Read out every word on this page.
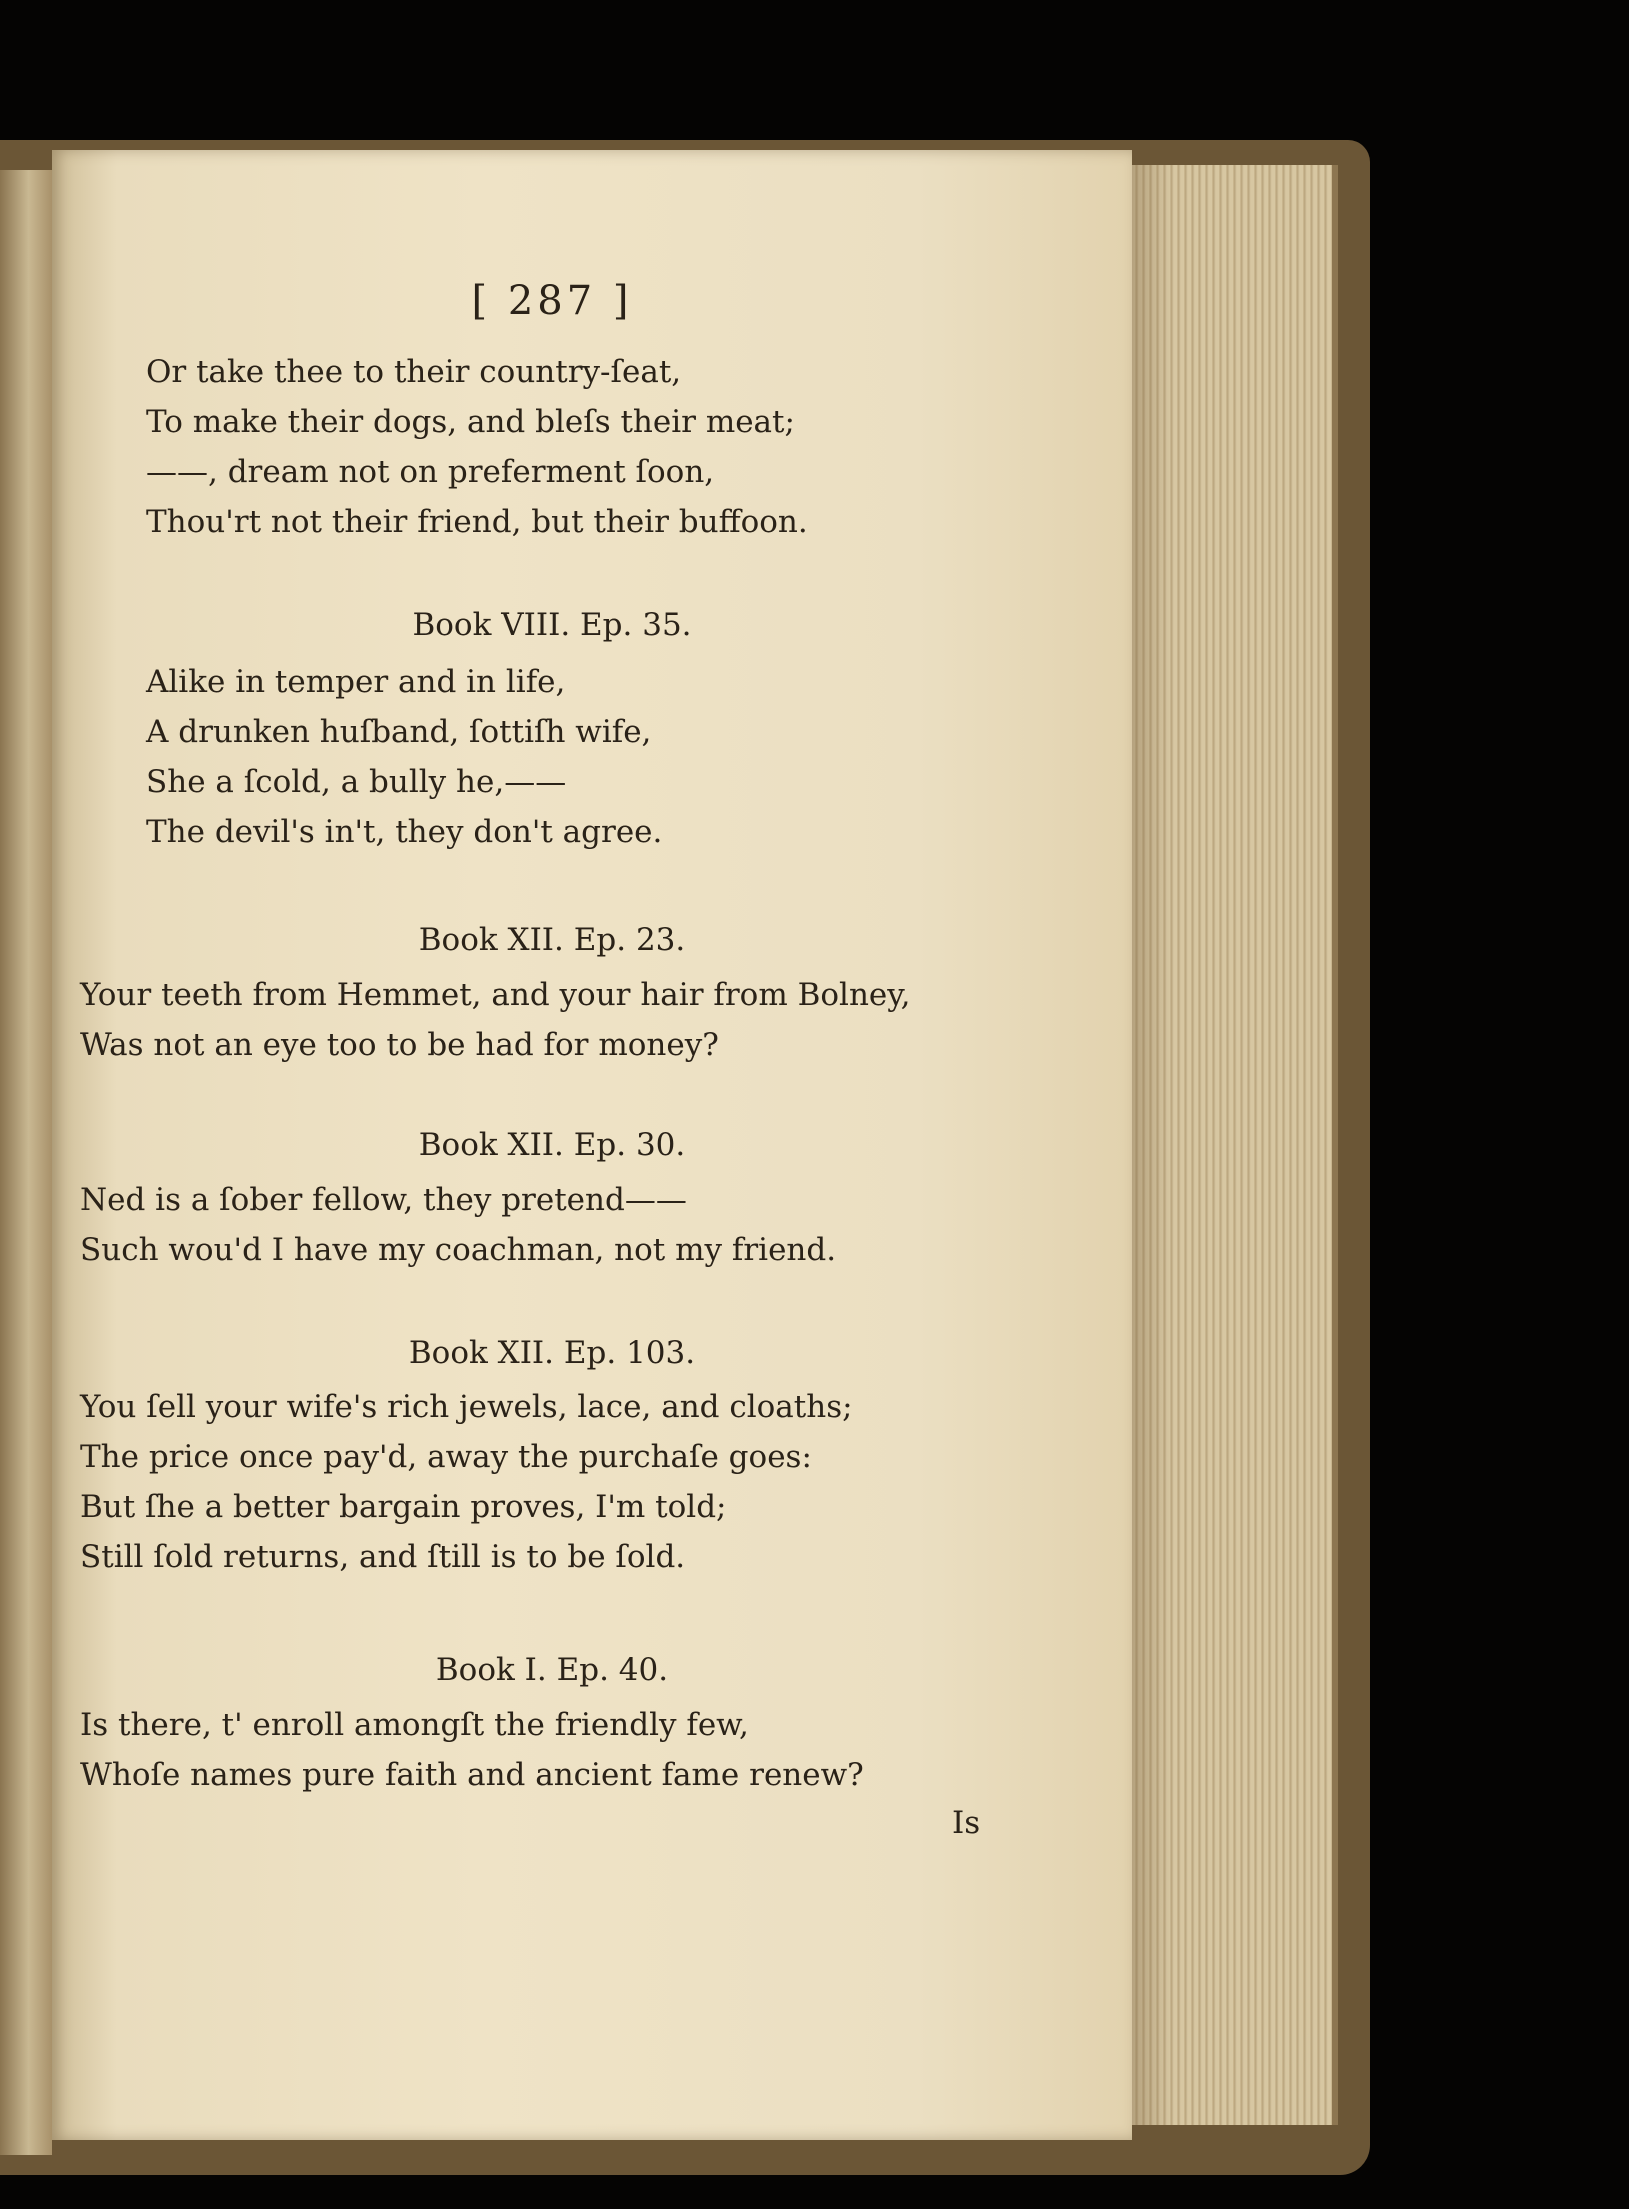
[ 287 ]
Or take thee to their country-ſeat,
To make their dogs, and bleſs their meat;
——, dream not on preferment ſoon,
Thou'rt not their friend, but their buffoon.
Book VIII. Ep. 35.
Alike in temper and in life,
A drunken huſband, ſottiſh wife,
She a ſcold, a bully he,——
The devil's in't, they don't agree.
Book XII. Ep. 23.
Your teeth from Hemmet, and your hair from Bolney,
Was not an eye too to be had for money?
Book XII. Ep. 30.
Ned is a ſober fellow, they pretend——
Such wou'd I have my coachman, not my friend.
Book XII. Ep. 103.
You ſell your wife's rich jewels, lace, and cloaths;
The price once pay'd, away the purchaſe goes:
But ſhe a better bargain proves, I'm told;
Still ſold returns, and ſtill is to be ſold.
Book I. Ep. 40.
Is there, t' enroll amongſt the friendly few,
Whoſe names pure faith and ancient fame renew?
Is
